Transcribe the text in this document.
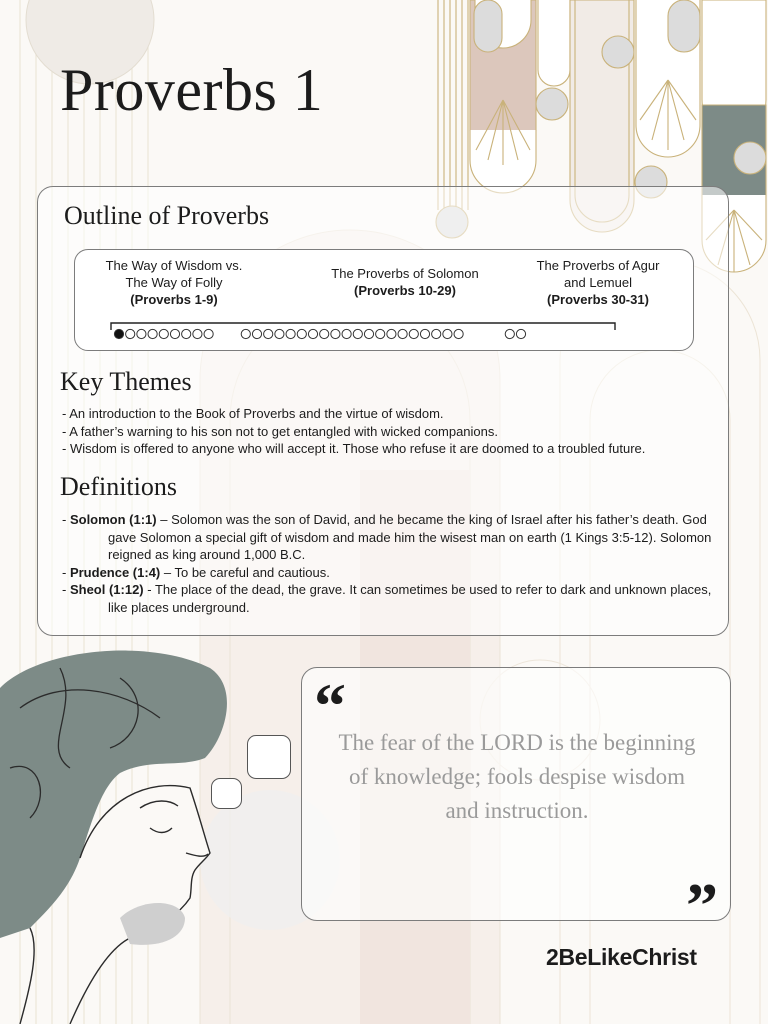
Proverbs 1
Outline of Proverbs
The Way of Wisdom vs.
The Way of Folly
(Proverbs 1-9)
The Proverbs of Solomon
(Proverbs 10-29)
The Proverbs of Agur
and Lemuel
(Proverbs 30-31)
Key Themes
- An introduction to the Book of Proverbs and the virtue of wisdom.
- A father’s warning to his son not to get entangled with wicked companions.
- Wisdom is offered to anyone who will accept it. Those who refuse it are doomed to a troubled future.
Definitions
- Solomon (1:1) – Solomon was the son of David, and he became the king of Israel after his father’s death. God gave Solomon a special gift of wisdom and made him the wisest man on earth (1 Kings 3:5-12). Solomon reigned as king around 1,000 B.C.
- Prudence (1:4) – To be careful and cautious.
- Sheol (1:12) - The place of the dead, the grave. It can sometimes be used to refer to dark and unknown places, like places underground.
“
The fear of the LORD is the beginning of knowledge; fools despise wisdom and instruction.
”
2BeLikeChrist
